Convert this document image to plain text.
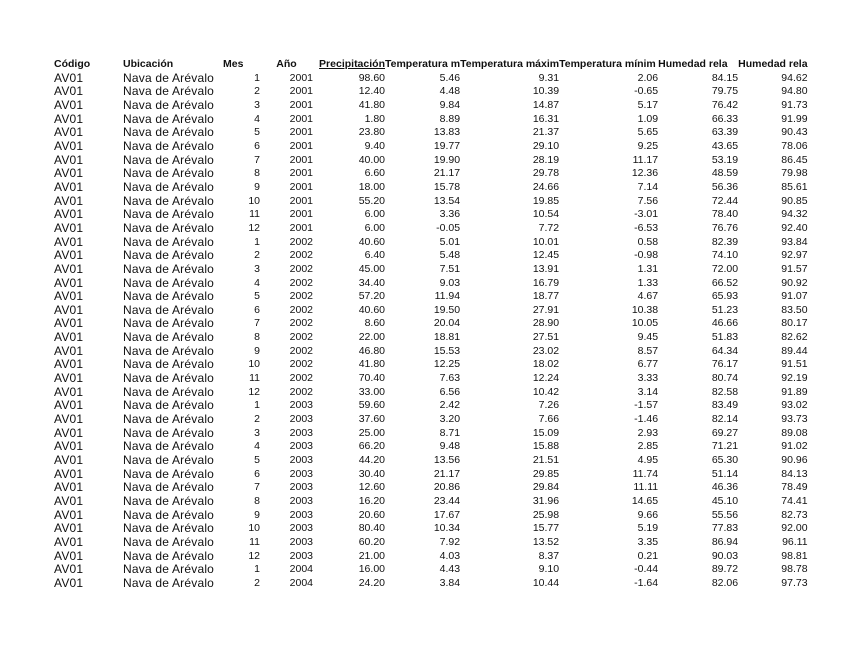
Código	Ubicación	Mes	Año	Precipitación	Temperatura m	Temperatura máxim	Temperatura mínim	Humedad rela	Humedad rela
AV01	Nava de Arévalo	1	2001	98.60	5.46	9.31	2.06	84.15	94.62
AV01	Nava de Arévalo	2	2001	12.40	4.48	10.39	-0.65	79.75	94.80
AV01	Nava de Arévalo	3	2001	41.80	9.84	14.87	5.17	76.42	91.73
AV01	Nava de Arévalo	4	2001	1.80	8.89	16.31	1.09	66.33	91.99
AV01	Nava de Arévalo	5	2001	23.80	13.83	21.37	5.65	63.39	90.43
AV01	Nava de Arévalo	6	2001	9.40	19.77	29.10	9.25	43.65	78.06
AV01	Nava de Arévalo	7	2001	40.00	19.90	28.19	11.17	53.19	86.45
AV01	Nava de Arévalo	8	2001	6.60	21.17	29.78	12.36	48.59	79.98
AV01	Nava de Arévalo	9	2001	18.00	15.78	24.66	7.14	56.36	85.61
AV01	Nava de Arévalo	10	2001	55.20	13.54	19.85	7.56	72.44	90.85
AV01	Nava de Arévalo	11	2001	6.00	3.36	10.54	-3.01	78.40	94.32
AV01	Nava de Arévalo	12	2001	6.00	-0.05	7.72	-6.53	76.76	92.40
AV01	Nava de Arévalo	1	2002	40.60	5.01	10.01	0.58	82.39	93.84
AV01	Nava de Arévalo	2	2002	6.40	5.48	12.45	-0.98	74.10	92.97
AV01	Nava de Arévalo	3	2002	45.00	7.51	13.91	1.31	72.00	91.57
AV01	Nava de Arévalo	4	2002	34.40	9.03	16.79	1.33	66.52	90.92
AV01	Nava de Arévalo	5	2002	57.20	11.94	18.77	4.67	65.93	91.07
AV01	Nava de Arévalo	6	2002	40.60	19.50	27.91	10.38	51.23	83.50
AV01	Nava de Arévalo	7	2002	8.60	20.04	28.90	10.05	46.66	80.17
AV01	Nava de Arévalo	8	2002	22.00	18.81	27.51	9.45	51.83	82.62
AV01	Nava de Arévalo	9	2002	46.80	15.53	23.02	8.57	64.34	89.44
AV01	Nava de Arévalo	10	2002	41.80	12.25	18.02	6.77	76.17	91.51
AV01	Nava de Arévalo	11	2002	70.40	7.63	12.24	3.33	80.74	92.19
AV01	Nava de Arévalo	12	2002	33.00	6.56	10.42	3.14	82.58	91.89
AV01	Nava de Arévalo	1	2003	59.60	2.42	7.26	-1.57	83.49	93.02
AV01	Nava de Arévalo	2	2003	37.60	3.20	7.66	-1.46	82.14	93.73
AV01	Nava de Arévalo	3	2003	25.00	8.71	15.09	2.93	69.27	89.08
AV01	Nava de Arévalo	4	2003	66.20	9.48	15.88	2.85	71.21	91.02
AV01	Nava de Arévalo	5	2003	44.20	13.56	21.51	4.95	65.30	90.96
AV01	Nava de Arévalo	6	2003	30.40	21.17	29.85	11.74	51.14	84.13
AV01	Nava de Arévalo	7	2003	12.60	20.86	29.84	11.11	46.36	78.49
AV01	Nava de Arévalo	8	2003	16.20	23.44	31.96	14.65	45.10	74.41
AV01	Nava de Arévalo	9	2003	20.60	17.67	25.98	9.66	55.56	82.73
AV01	Nava de Arévalo	10	2003	80.40	10.34	15.77	5.19	77.83	92.00
AV01	Nava de Arévalo	11	2003	60.20	7.92	13.52	3.35	86.94	96.11
AV01	Nava de Arévalo	12	2003	21.00	4.03	8.37	0.21	90.03	98.81
AV01	Nava de Arévalo	1	2004	16.00	4.43	9.10	-0.44	89.72	98.78
AV01	Nava de Arévalo	2	2004	24.20	3.84	10.44	-1.64	82.06	97.73
